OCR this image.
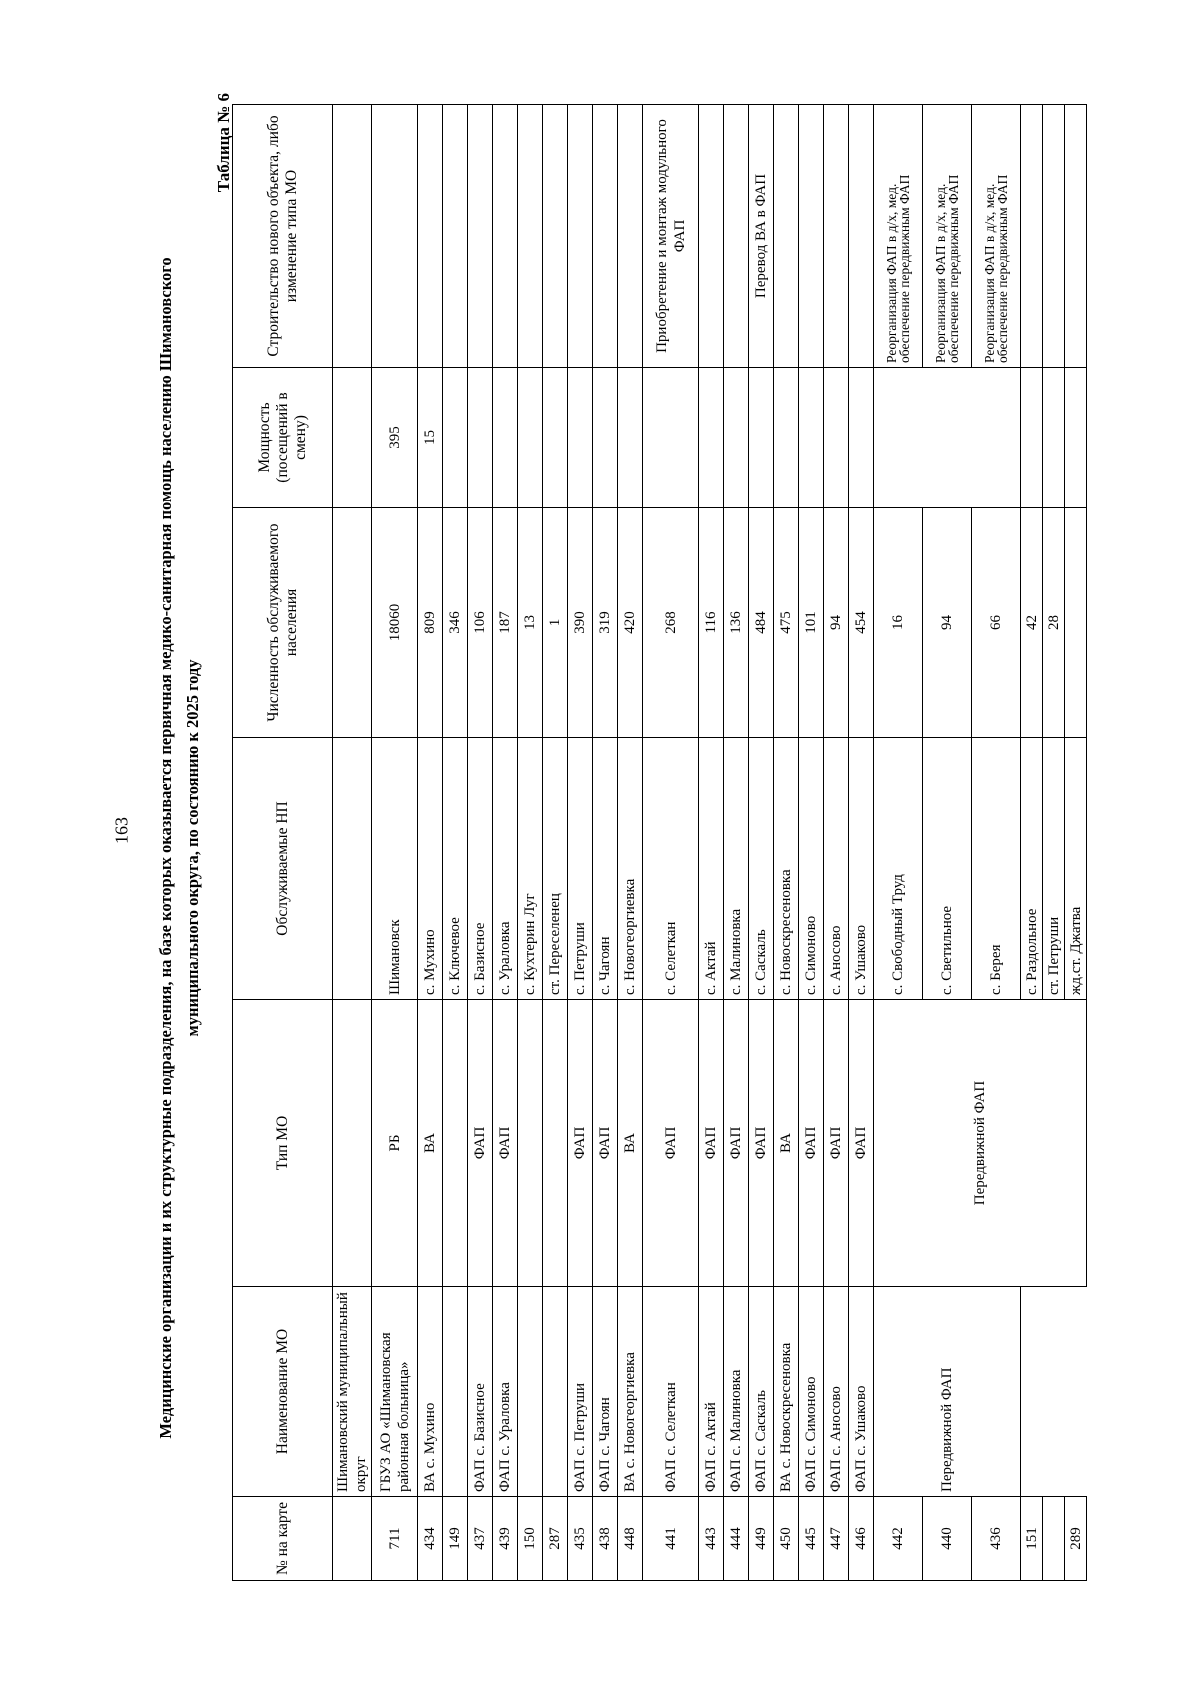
163 Медицинские организации и их структурные подразделения, на базе которых оказывается первичная медико-санитарная помощь населению Шимановского муниципального округа, по состоянию к 2025 году
Таблица № 6
№ на карте	Наименование МО	Тип МО	Обслуживаемые НП	Численность обслуживаемого населения	Мощность (посещений в смену)	Строительство нового объекта, либо изменение типа МО
	Шимановский муниципальный округ					
711	ГБУЗ АО «Шимановская районная больница»	РБ	Шимановск	18060	395	
434	ВА с. Мухино	ВА	с. Мухино	809	15	
149			с. Ключевое	346		
437	ФАП с. Базисное	ФАП	с. Базисное	106		
439	ФАП с. Ураловка	ФАП	с. Ураловка	187		
150			с. Кухтерин Луг	13		
287			ст. Переселенец	1		
435	ФАП с. Петруши	ФАП	с. Петруши	390		
438	ФАП с. Чагоян	ФАП	с. Чагоян	319		
448	ВА с. Новогеоргиевка	ВА	с. Новогеоргиевка	420		
441	ФАП с. Селеткан	ФАП	с. Селеткан	268		Приобретение и монтаж модульного ФАП
443	ФАП с. Актай	ФАП	с. Актай	116		
444	ФАП с. Малиновка	ФАП	с. Малиновка	136		
449	ФАП с. Саскаль	ФАП	с. Саскаль	484		Перевод ВА в ФАП
450	ВА с. Новоскресеновка	ВА	с. Новоскресеновка	475		
445	ФАП с. Симоново	ФАП	с. Симоново	101		
447	ФАП с. Аносово	ФАП	с. Аносово	94		
446	ФАП с. Ушаково	ФАП	с. Ушаково	454		
442	Передвижной ФАП	Передвижной ФАП	с. Свободный Труд	16		Реорганизация ФАП в д/х, мед. обеспечение передвижным ФАП
440			с. Светильное	94		Реорганизация ФАП в д/х, мед. обеспечение передвижным ФАП
436			с. Берея	66		Реорганизация ФАП в д/х, мед. обеспечение передвижным ФАП
151			с. Раздольное	42		
			ст. Петруши	28		
289			жд.ст. Джатва			
